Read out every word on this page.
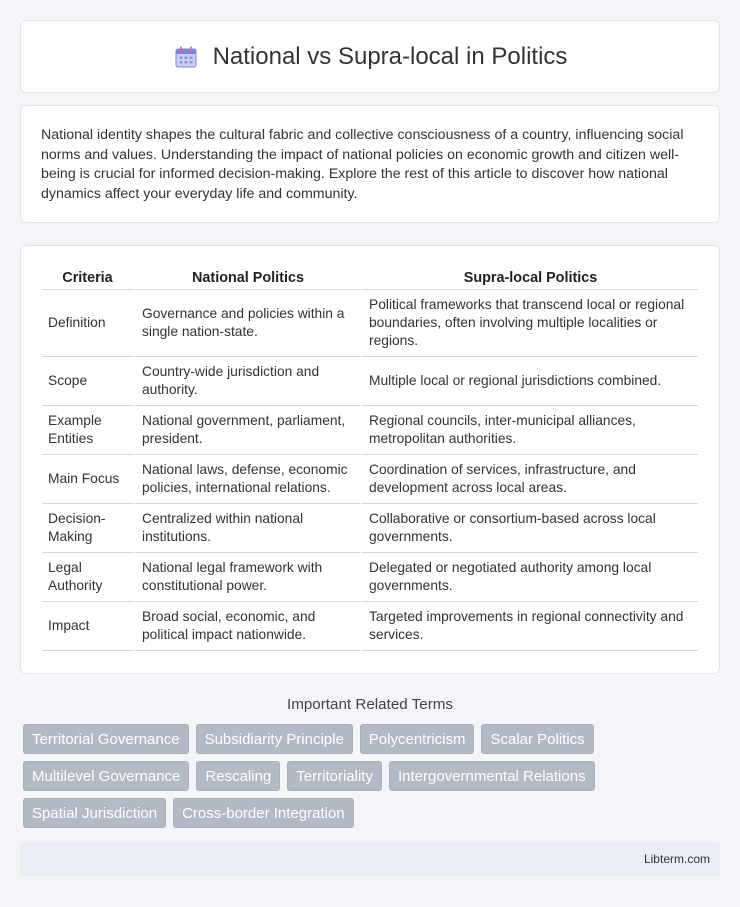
National vs Supra-local in Politics

National identity shapes the cultural fabric and collective consciousness of a country, influencing social norms and values. Understanding the impact of national policies on economic growth and citizen well-being is crucial for informed decision-making. Explore the rest of this article to discover how national dynamics affect your everyday life and community.

Criteria	National Politics	Supra-local Politics
Definition	Governance and policies within a single nation-state.	Political frameworks that transcend local or regional boundaries, often involving multiple localities or regions.
Scope	Country-wide jurisdiction and authority.	Multiple local or regional jurisdictions combined.
Example Entities	National government, parliament, president.	Regional councils, inter-municipal alliances, metropolitan authorities.
Main Focus	National laws, defense, economic policies, international relations.	Coordination of services, infrastructure, and development across local areas.
Decision-Making	Centralized within national institutions.	Collaborative or consortium-based across local governments.
Legal Authority	National legal framework with constitutional power.	Delegated or negotiated authority among local governments.
Impact	Broad social, economic, and political impact nationwide.	Targeted improvements in regional connectivity and services.
Important Related Terms
Territorial Governance	Subsidiarity Principle	Polycentricism	Scalar Politics
Multilevel Governance	Rescaling	Territoriality	Intergovernmental Relations
Spatial Jurisdiction	Cross-border Integration
Libterm.com
